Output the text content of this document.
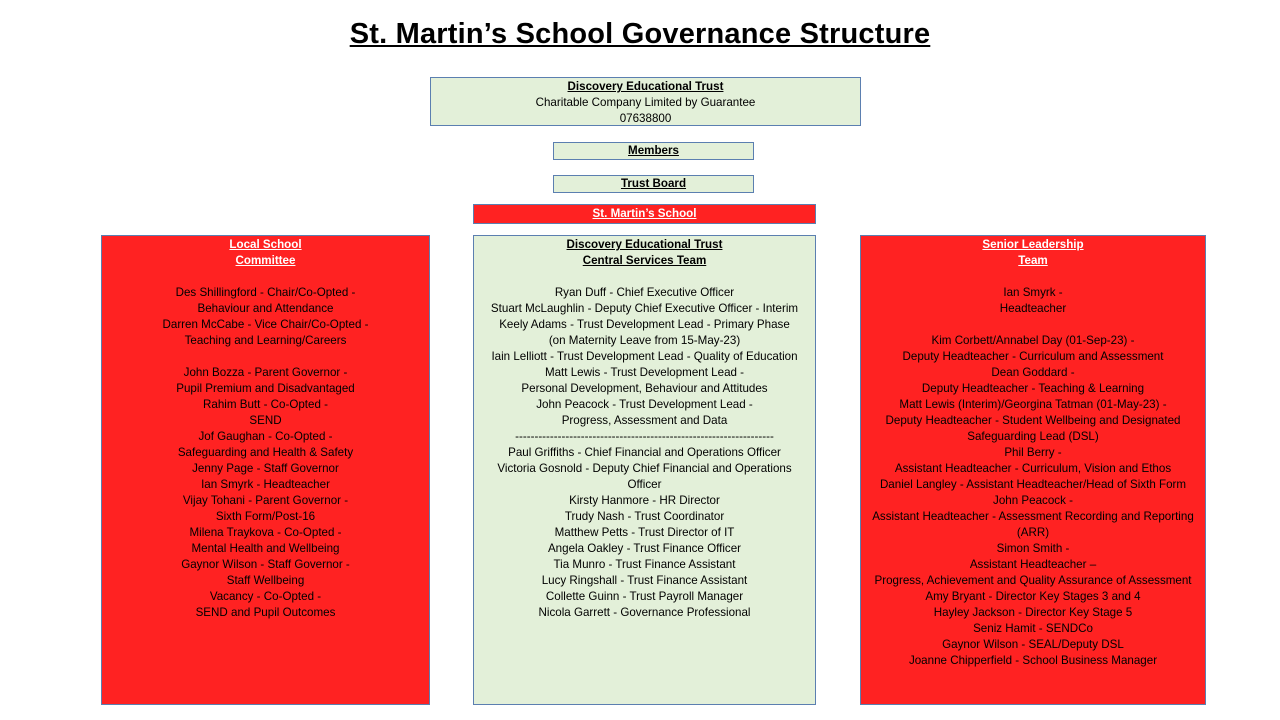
St. Martin’s School Governance Structure
Discovery Educational Trust
Charitable Company Limited by Guarantee
07638800
Members
Trust Board
St. Martin’s School
Local School
Committee
Des Shillingford - Chair/Co-Opted -
Behaviour and Attendance
Darren McCabe - Vice Chair/Co-Opted -
Teaching and Learning/Careers
John Bozza - Parent Governor -
Pupil Premium and Disadvantaged
Rahim Butt - Co-Opted -
SEND
Jof Gaughan - Co-Opted -
Safeguarding and Health & Safety
Jenny Page - Staff Governor
Ian Smyrk - Headteacher
Vijay Tohani - Parent Governor -
Sixth Form/Post-16
Milena Traykova - Co-Opted -
Mental Health and Wellbeing
Gaynor Wilson - Staff Governor -
Staff Wellbeing
Vacancy - Co-Opted -
SEND and Pupil Outcomes
Discovery Educational Trust
Central Services Team
Ryan Duff - Chief Executive Officer
Stuart McLaughlin - Deputy Chief Executive Officer - Interim
Keely Adams - Trust Development Lead - Primary Phase
(on Maternity Leave from 15-May-23)
Iain Lelliott - Trust Development Lead - Quality of Education
Matt Lewis - Trust Development Lead -
Personal Development, Behaviour and Attitudes
John Peacock - Trust Development Lead -
Progress, Assessment and Data
-------------------------------------------------------------------
Paul Griffiths - Chief Financial and Operations Officer
Victoria Gosnold - Deputy Chief Financial and Operations
Officer
Kirsty Hanmore - HR Director
Trudy Nash - Trust Coordinator
Matthew Petts - Trust Director of IT
Angela Oakley - Trust Finance Officer
Tia Munro - Trust Finance Assistant
Lucy Ringshall - Trust Finance Assistant
Collette Guinn - Trust Payroll Manager
Nicola Garrett - Governance Professional
Senior Leadership
Team
Ian Smyrk -
Headteacher
Kim Corbett/Annabel Day (01-Sep-23) -
Deputy Headteacher - Curriculum and Assessment
Dean Goddard -
Deputy Headteacher - Teaching & Learning
Matt Lewis (Interim)/Georgina Tatman (01-May-23) -
Deputy Headteacher - Student Wellbeing and Designated
Safeguarding Lead (DSL)
Phil Berry -
Assistant Headteacher - Curriculum, Vision and Ethos
Daniel Langley - Assistant Headteacher/Head of Sixth Form
John Peacock -
Assistant Headteacher - Assessment Recording and Reporting
(ARR)
Simon Smith -
Assistant Headteacher –
Progress, Achievement and Quality Assurance of Assessment
Amy Bryant - Director Key Stages 3 and 4
Hayley Jackson - Director Key Stage 5
Seniz Hamit - SENDCo
Gaynor Wilson - SEAL/Deputy DSL
Joanne Chipperfield - School Business Manager
